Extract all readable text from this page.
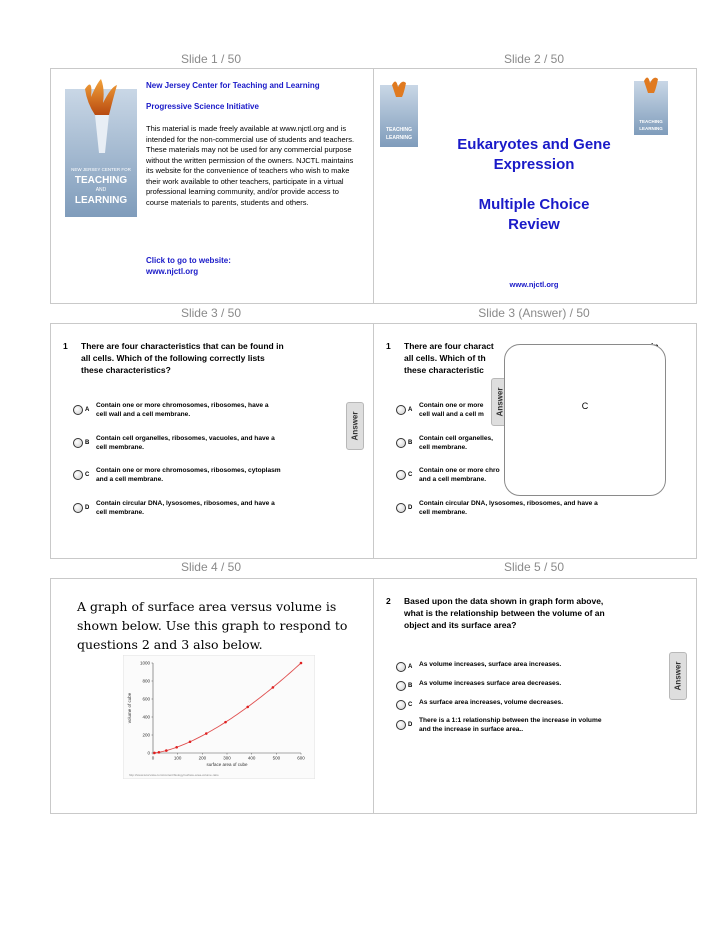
Slide 1 / 50	Slide 2 / 50
NEW JERSEY CENTER FOR
TEACHING
AND
LEARNING
New Jersey Center for Teaching and Learning
Progressive Science Initiative
This material is made freely available at www.njctl.org and is intended for the non-commercial use of students and teachers. These materials may not be used for any commercial purpose without the written permission of the owners. NJCTL maintains its website for the convenience of teachers who wish to make their work available to other teachers, participate in a virtual professional learning community, and/or provide access to course materials to parents, students and others.
Click to go to website:
www.njctl.org
TEACHING
LEARNING
TEACHING
LEARNING
Eukaryotes and Gene
Expression
Multiple Choice
Review
www.njctl.org
Slide 3 / 50	Slide 3 (Answer) / 50
1 There are four characteristics that can be found in
all cells. Which of the following correctly lists
these characteristics?
Answer
A
Contain one or more chromosomes, ribosomes, have a
cell wall and a cell membrane.
B
Contain cell organelles, ribosomes, vacuoles, and have a
cell membrane.
C
Contain one or more chromosomes, ribosomes, cytoplasm
and a cell membrane.
D
Contain circular DNA, lysosomes, ribosomes, and have a
cell membrane.
1 There are four charact
all cells. Which of th
these characteristic
A
Contain one or more
cell wall and a cell m
B
Contain cell organelles,
cell membrane.
C
Contain one or more chro
and a cell membrane.
D
Contain circular DNA, lysosomes, ribosomes, and have a
cell membrane.
Answer	C
Slide 4 / 50	Slide 5 / 50
A graph of surface area versus volume is
shown below. Use this graph to respond to
questions 2 and 3 also below.
0	100	200	300	400	500	600
0
200
400
600
800
1000
surface area of cube
volume of cube
http://www.tutorvista.com/content/biology/surface-area-volume-ratio
2 Based upon the data shown in graph form above,
what is the relationship between the volume of an
object and its surface area?
Answer
A As volume increases, surface area increases.
B As volume increases surface area decreases.
C As surface area increases, volume decreases.
D
There is a 1:1 relationship between the increase in volume
and the increase in surface area..
